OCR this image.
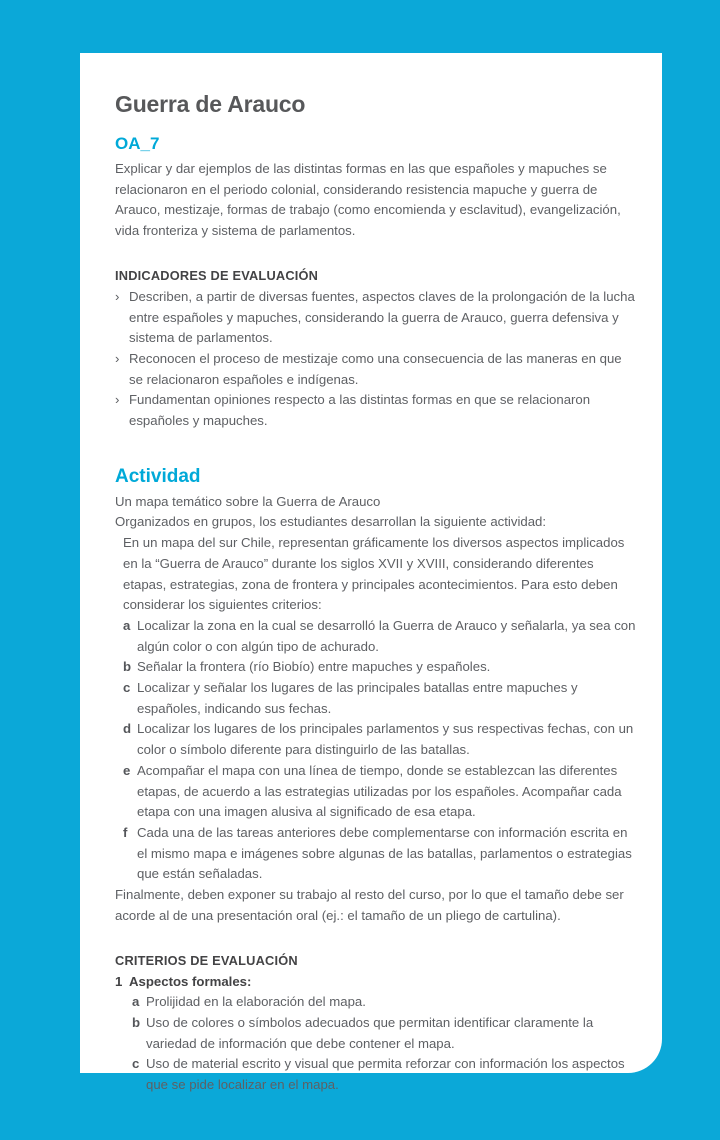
Guerra de Arauco
OA_7

Explicar y dar ejemplos de las distintas formas en las que españoles y mapuches se relacionaron en el periodo colonial, considerando resistencia mapuche y guerra de Arauco, mestizaje, formas de trabajo (como encomienda y esclavitud), evangelización, vida fronteriza y sistema de parlamentos.

INDICADORES DE EVALUACIÓN
› Describen, a partir de diversas fuentes, aspectos claves de la prolongación de la lucha entre españoles y mapuches, considerando la guerra de Arauco, guerra defensiva y sistema de parlamentos.
› Reconocen el proceso de mestizaje como una consecuencia de las maneras en que se relacionaron españoles e indígenas.
› Fundamentan opiniones respecto a las distintas formas en que se relacionaron españoles y mapuches.
Actividad

Un mapa temático sobre la Guerra de Arauco

Organizados en grupos, los estudiantes desarrollan la siguiente actividad:

En un mapa del sur Chile, representan gráficamente los diversos aspectos implicados en la “Guerra de Arauco” durante los siglos XVII y XVIII, considerando diferentes etapas, estrategias, zona de frontera y principales acontecimientos. Para esto deben considerar los siguientes criterios:

a Localizar la zona en la cual se desarrolló la Guerra de Arauco y señalarla, ya sea con algún color o con algún tipo de achurado.
b Señalar la frontera (río Biobío) entre mapuches y españoles.
c Localizar y señalar los lugares de las principales batallas entre mapuches y españoles, indicando sus fechas.
d Localizar los lugares de los principales parlamentos y sus respectivas fechas, con un color o símbolo diferente para distinguirlo de las batallas.
e Acompañar el mapa con una línea de tiempo, donde se establezcan las diferentes etapas, de acuerdo a las estrategias utilizadas por los españoles. Acompañar cada etapa con una imagen alusiva al significado de esa etapa.
f Cada una de las tareas anteriores debe complementarse con información escrita en el mismo mapa e imágenes sobre algunas de las batallas, parlamentos o estrategias que están señaladas.

Finalmente, deben exponer su trabajo al resto del curso, por lo que el tamaño debe ser acorde al de una presentación oral (ej.: el tamaño de un pliego de cartulina).

CRITERIOS DE EVALUACIÓN
1 Aspectos formales:
a Prolijidad en la elaboración del mapa.
b Uso de colores o símbolos adecuados que permitan identificar claramente la variedad de información que debe contener el mapa.
c Uso de material escrito y visual que permita reforzar con información los aspectos que se pide localizar en el mapa.
